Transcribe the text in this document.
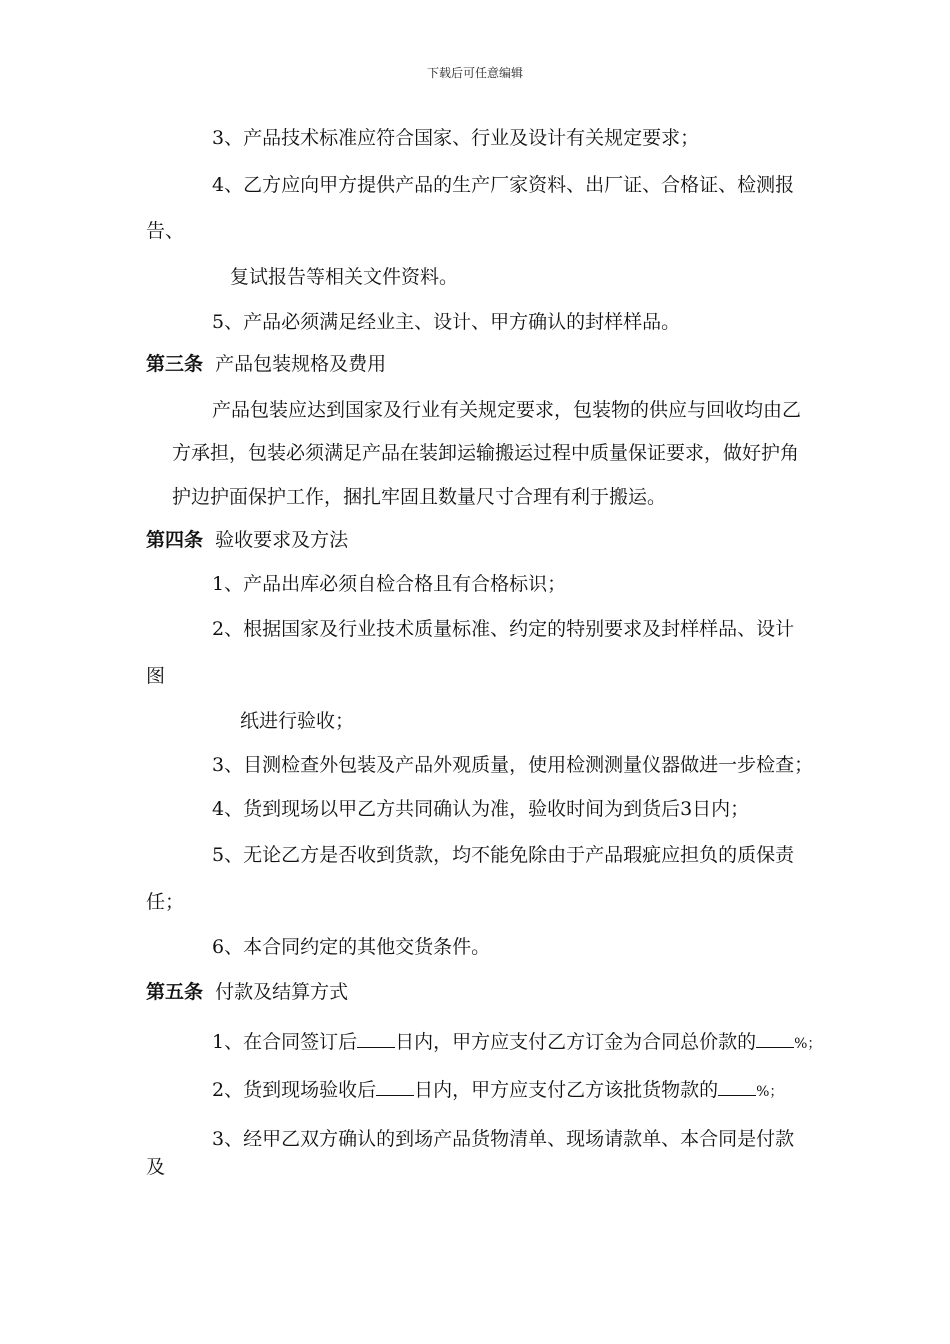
下载后可任意编辑
3、产品技术标准应符合国家、行业及设计有关规定要求；
4、乙方应向甲方提供产品的生产厂家资料、出厂证、合格证、检测报
告、
复试报告等相关文件资料。
5、产品必须满足经业主、设计、甲方确认的封样样品。
第三条 产品包装规格及费用
产品包装应达到国家及行业有关规定要求，包装物的供应与回收均由乙
方承担，包装必须满足产品在装卸运输搬运过程中质量保证要求，做好护角
护边护面保护工作，捆扎牢固且数量尺寸合理有利于搬运。
第四条 验收要求及方法
1、产品出库必须自检合格且有合格标识；
2、根据国家及行业技术质量标准、约定的特别要求及封样样品、设计
图
纸进行验收；
3、目测检查外包装及产品外观质量，使用检测测量仪器做进一步检查；
4、货到现场以甲乙方共同确认为准，验收时间为到货后3日内；
5、无论乙方是否收到货款，均不能免除由于产品瑕疵应担负的质保责
任；
6、本合同约定的其他交货条件。
第五条 付款及结算方式
1、在合同签订后 日内，甲方应支付乙方订金为合同总价款的	%；
2、货到现场验收后 日内，甲方应支付乙方该批货物款的	%；
3、经甲乙双方确认的到场产品货物清单、现场请款单、本合同是付款
及
